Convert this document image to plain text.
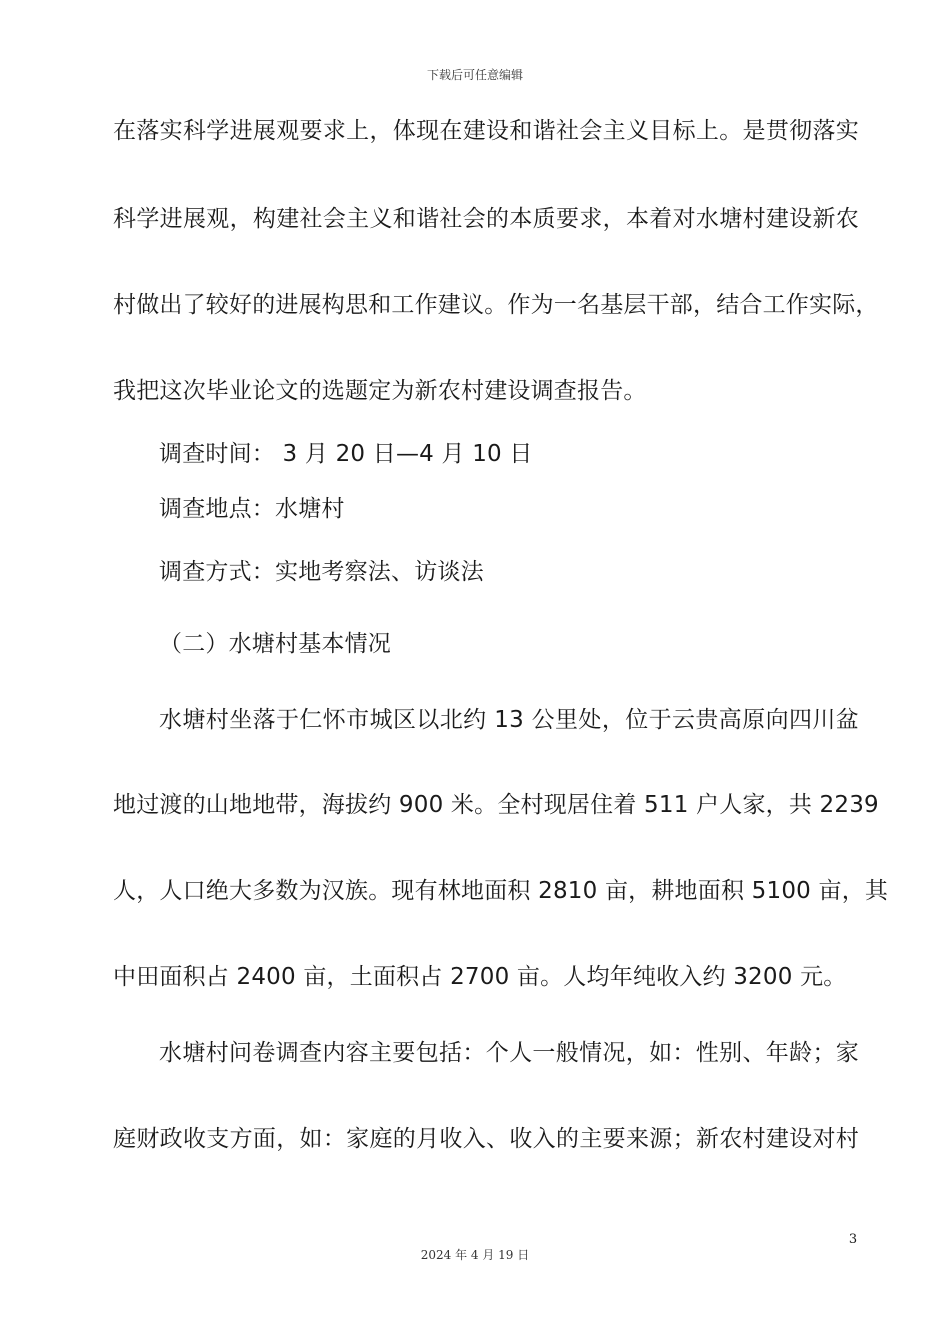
下载后可任意编辑
在落实科学进展观要求上，体现在建设和谐社会主义目标上。是贯彻落实
科学进展观，构建社会主义和谐社会的本质要求，本着对水塘村建设新农
村做出了较好的进展构思和工作建议。作为一名基层干部，结合工作实际，
我把这次毕业论文的选题定为新农村建设调查报告。
调查时间： 3 月 20 日—4 月 10 日
调查地点：水塘村
调查方式：实地考察法、访谈法
（二）水塘村基本情况
水塘村坐落于仁怀市城区以北约 13 公里处，位于云贵高原向四川盆
地过渡的山地地带，海拔约 900 米。全村现居住着 511 户人家，共 2239
人，人口绝大多数为汉族。现有林地面积 2810 亩，耕地面积 5100 亩，其
中田面积占 2400 亩，土面积占 2700 亩。人均年纯收入约 3200 元。
水塘村问卷调查内容主要包括：个人一般情况，如：性别、年龄；家
庭财政收支方面，如：家庭的月收入、收入的主要来源；新农村建设对村
3
2024 年 4 月 19 日
